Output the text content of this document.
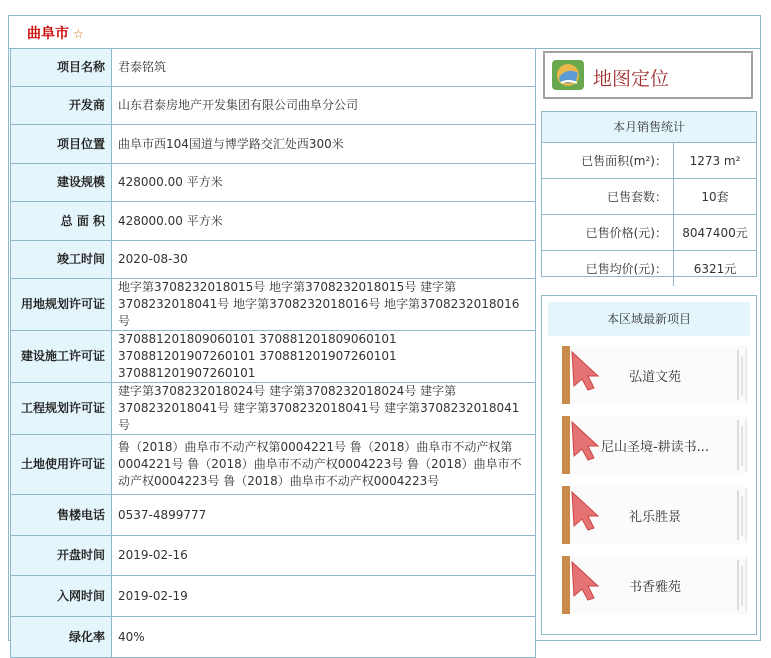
曲阜市 ☆
项目名称	君泰铭筑
开发商	山东君泰房地产开发集团有限公司曲阜分公司
项目位置	曲阜市西104国道与博学路交汇处西300米
建设规模	428000.00 平方米
总 面 积	428000.00 平方米
竣工时间	2020-08-30
用地规划许可证	地字第3708232018015号 地字第3708232018015号 建字第3708232018041号 地字第3708232018016号 地字第3708232018016号
建设施工许可证	370881201809060101 370881201809060101 370881201907260101 370881201907260101 370881201907260101
工程规划许可证	建字第3708232018024号 建字第3708232018024号 建字第3708232018041号 建字第3708232018041号 建字第3708232018041号
土地使用许可证	鲁（2018）曲阜市不动产权第0004221号 鲁（2018）曲阜市不动产权第0004221号 鲁（2018）曲阜市不动产权0004223号 鲁（2018）曲阜市不动产权0004223号 鲁（2018）曲阜市不动产权0004223号
售楼电话	0537-4899777
开盘时间	2019-02-16
入网时间	2019-02-19
绿化率	40%
地图定位
本月销售统计
已售面积(m²)：	1273 m²
已售套数：	10套
已售价格(元)：	8047400元
已售均价(元)：	6321元
本区域最新项目
弘道文苑
尼山圣境-耕读书...
礼乐胜景
书香雅苑
